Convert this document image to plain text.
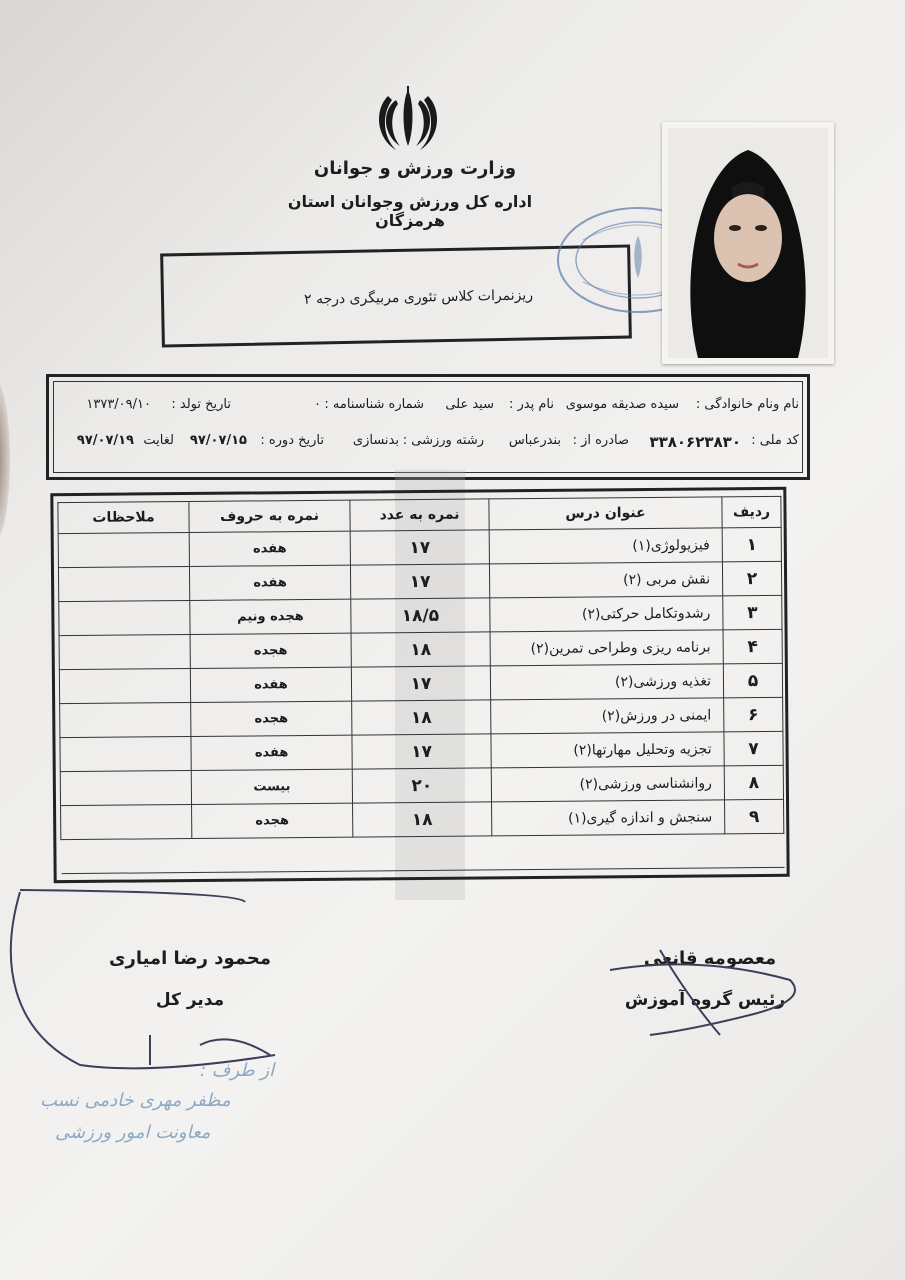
وزارت ورزش و جوانان
اداره کل ورزش وجوانان استان هرمزگان
ریزنمرات کلاس تئوری مربیگری درجه ۲
نام ونام خانوادگی :
سیده صدیقه موسوی
نام پدر :
سید علی
شماره شناسنامه :
۰
تاریخ تولد :
۱۳۷۳/۰۹/۱۰
کد ملی :
۳۳۸۰۶۲۳۸۳۰
صادره از :
بندرعباس
رشته ورزشی :
بدنسازی
تاریخ دوره :
۹۷/۰۷/۱۵
لغایت
۹۷/۰۷/۱۹
ردیف	عنوان درس	نمره به عدد	نمره به حروف	ملاحظات
۱	فیزیولوژی(۱)	۱۷	هفده	
۲	نقش مربی (۲)	۱۷	هفده	
۳	رشدوتکامل حرکتی(۲)	۱۸/۵	هجده ونیم	
۴	برنامه ریزی وطراحی تمرین(۲)	۱۸	هجده	
۵	تغذیه ورزشی(۲)	۱۷	هفده	
۶	ایمنی در ورزش(۲)	۱۸	هجده	
۷	تجزیه وتحلیل مهارتها(۲)	۱۷	هفده	
۸	روانشناسی ورزشی(۲)	۲۰	بیست	
۹	سنجش و اندازه گیری(۱)	۱۸	هجده	

محمود رضا امیاری
مدیر کل
معصومه قانعی
رئیس گروه آموزش
از طرف :
مظفر مهری خادمی نسب
معاونت امور ورزشی
